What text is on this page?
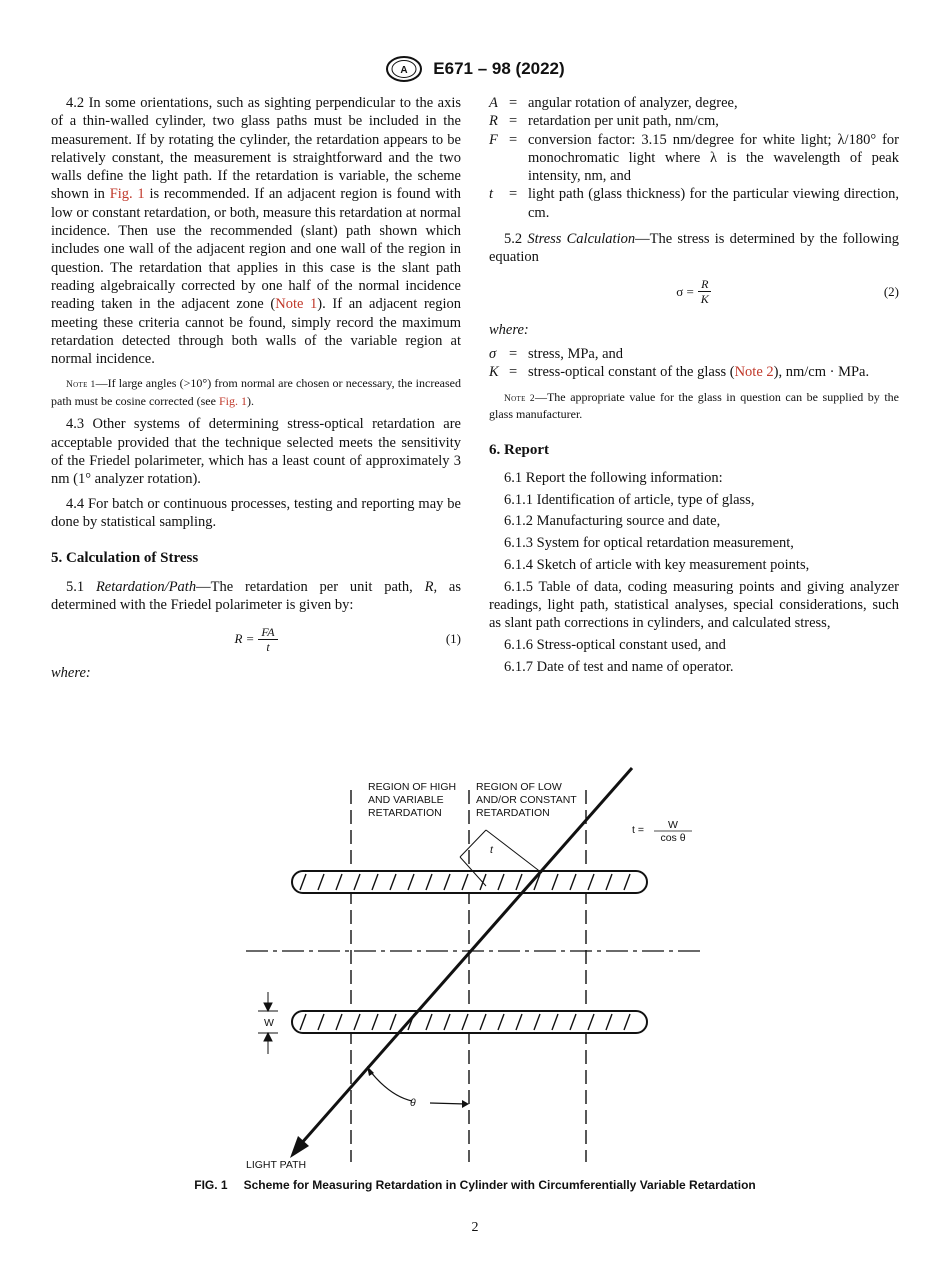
A E671 – 98 (2022)

4.2 In some orientations, such as sighting perpendicular to the axis of a thin-walled cylinder, two glass paths must be included in the measurement. If by rotating the cylinder, the retardation appears to be relatively constant, the measurement is straightforward and the two walls define the light path. If the retardation is variable, the scheme shown in Fig. 1 is recommended. If an adjacent region is found with low or constant retardation, or both, measure this retardation at normal incidence. Then use the recommended (slant) path shown which includes one wall of the adjacent region and one wall of the region in question. The retardation that applies in this case is the slant path reading algebraically corrected by one half of the normal incidence reading taken in the adjacent zone (Note 1). If an adjacent region meeting these criteria cannot be found, simply record the maximum retardation detected through both walls of the variable region at normal incidence.

Note 1—If large angles (>10°) from normal are chosen or necessary, the increased path must be cosine corrected (see Fig. 1).

4.3 Other systems of determining stress-optical retardation are acceptable provided that the technique selected meets the sensitivity of the Friedel polarimeter, which has a least count of approximately 3 nm (1° analyzer rotation).

4.4 For batch or continuous processes, testing and reporting may be done by statistical sampling.

5. Calculation of Stress

5.1 Retardation/Path—The retardation per unit path, R, as determined with the Friedel polarimeter is given by:

$R = \frac{FA}{t}$	(1)

where:

A = angular rotation of analyzer, degree,
R = retardation per unit path, nm/cm,
F = conversion factor: 3.15 nm/degree for white light; λ/180° for monochromatic light where λ is the wavelength of peak intensity, nm, and
t	= light path (glass thickness) for the particular viewing direction, cm.

5.2 Stress Calculation—The stress is determined by the following equation

$\sigma = \frac{R}{K}$	(2)

where:

σ = stress, MPa, and
K = stress-optical constant of the glass (Note 2), nm/cm · MPa.

Note 2—The appropriate value for the glass in question can be supplied by the glass manufacturer.

6. Report

6.1 Report the following information:

6.1.1 Identification of article, type of glass,

6.1.2 Manufacturing source and date,

6.1.3 System for optical retardation measurement,

6.1.4 Sketch of article with key measurement points,

6.1.5 Table of data, coding measuring points and giving analyzer readings, light path, statistical analyses, special considerations, such as slant path corrections in cylinders, and calculated stress,

6.1.6 Stress-optical constant used, and

6.1.7 Date of test and name of operator.

t
W
θ
REGION OF HIGH
AND VARIABLE
RETARDATION
REGION OF LOW
AND/OR CONSTANT
RETARDATION
t = W
cos θ
LIGHT PATH
FIG. 1 Scheme for Measuring Retardation in Cylinder with Circumferentially Variable Retardation
2
